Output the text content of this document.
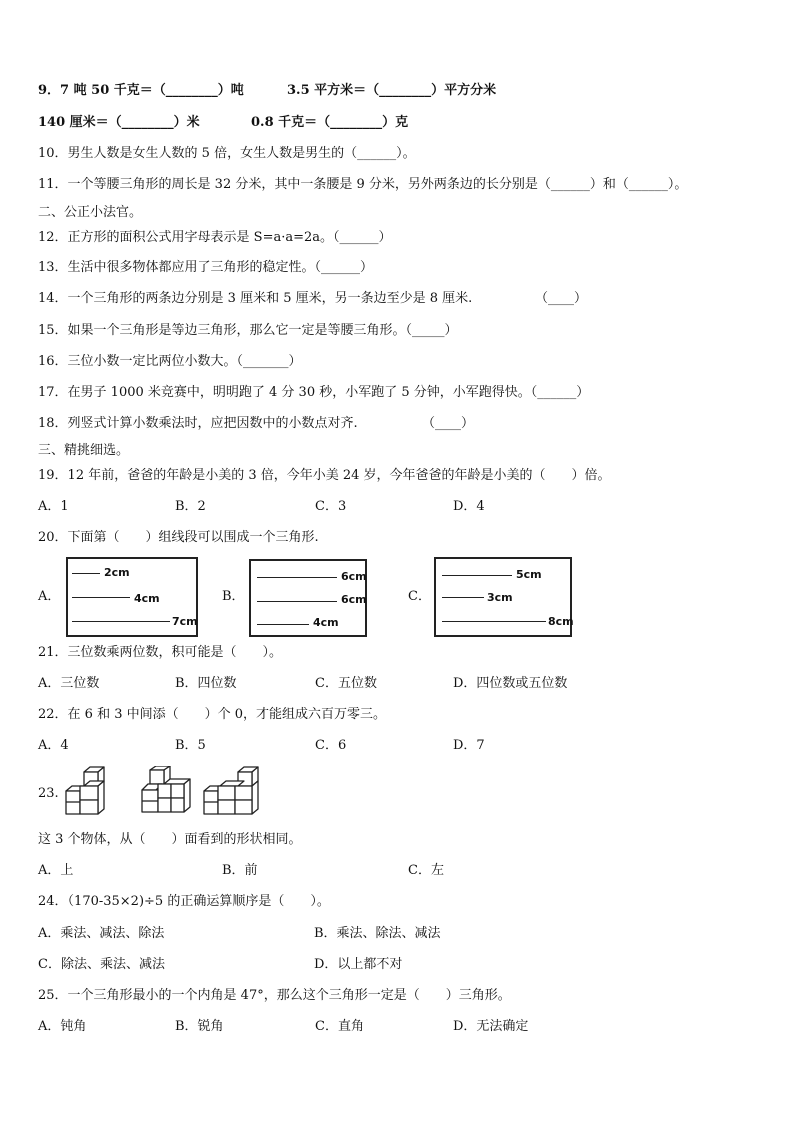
9．7 吨 50 千克＝（________）吨	3.5 平方米＝（________）平方分米
140 厘米＝（________）米	0.8 千克＝（________）克
10．男生人数是女生人数的 5 倍，女生人数是男生的（______）。
11．一个等腰三角形的周长是 32 分米，其中一条腰是 9 分米，另外两条边的长分别是（______）和（______）。
二、公正小法官。
12．正方形的面积公式用字母表示是 S=a·a=2a。（______）
13．生活中很多物体都应用了三角形的稳定性。（______）
14．一个三角形的两条边分别是 3 厘米和 5 厘米，另一条边至少是 8 厘米.	（____）
15．如果一个三角形是等边三角形，那么它一定是等腰三角形。（_____）
16．三位小数一定比两位小数大。（_______）
17．在男子 1000 米竞赛中，明明跑了 4 分 30 秒，小军跑了 5 分钟，小军跑得快。（______）
18．列竖式计算小数乘法时，应把因数中的小数点对齐.	（____）
三、精挑细选。
19．12 年前，爸爸的年龄是小美的 3 倍，今年小美 24 岁，今年爸爸的年龄是小美的（　　）倍。
A．1	B．2	C．3	D．4
20．下面第（　　）组线段可以围成一个三角形.
A．
2cm
4cm
7cm
B．
6cm
6cm
4cm
C．
5cm
3cm
8cm
21．三位数乘两位数，积可能是（　　）。
A．三位数	B．四位数	C．五位数	D．四位数或五位数
22．在 6 和 3 中间添（　　）个 0，才能组成六百万零三。
A．4	B．5	C．6	D．7
23.
这 3 个物体，从（　　）面看到的形状相同。
A．上	B．前	C．左
24．（170-35×2)÷5 的正确运算顺序是（　　）。
A．乘法、减法、除法	B．乘法、除法、减法
C．除法、乘法、减法	D．以上都不对
25．一个三角形最小的一个内角是 47°，那么这个三角形一定是（　　）三角形。
A．钝角	B．锐角	C．直角	D．无法确定
